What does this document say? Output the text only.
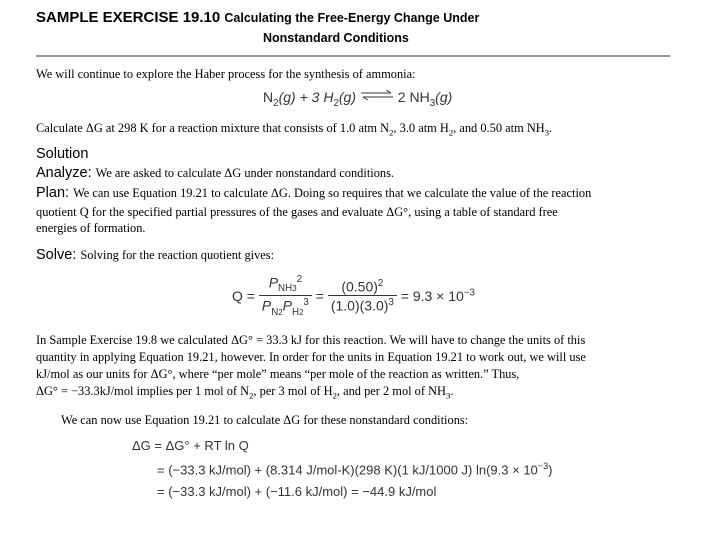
SAMPLE EXERCISE 19.10 Calculating the Free-Energy Change Under
Nonstandard Conditions
We will continue to explore the Haber process for the synthesis of ammonia:
$N_2(g) + 3$ $H_2(g)$ ⇌ 2 $NH_3(g)$
Calculate ΔG at 298 K for a reaction mixture that consists of 1.0 atm $N_2$, 3.0 atm $H_2$, and 0.50 atm $NH_3$.
Solution
Analyze: We are asked to calculate ΔG under nonstandard conditions.
Plan: We can use Equation 19.21 to calculate ΔG. Doing so requires that we calculate the value of the reaction
quotient Q for the specified partial pressures of the gases and evaluate ΔG°, using a table of standard free
energies of formation.
Solve: Solving for the reaction quotient gives:
$Q = \frac{P_{NH3}^2}{P_{N2}P_{H2}^3} = \frac{(0.50)^2}{(1.0)(3.0)^3} = 9.3 \times 10^{-3}$
In Sample Exercise 19.8 we calculated ΔG° = 33.3 kJ for this reaction. We will have to change the units of this
quantity in applying Equation 19.21, however. In order for the units in Equation 19.21 to work out, we will use
kJ/mol as our units for ΔG°, where “per mole” means “per mole of the reaction as written.” Thus,
ΔG° = −33.3kJ/mol implies per 1 mol of $N_2$, per 3 mol of $H_2$, and per 2 mol of $NH_3$.
We can now use Equation 19.21 to calculate ΔG for these nonstandard conditions:
ΔG = ΔG° + RT ln Q
= (−33.3 kJ/mol) + (8.314 J/mol-K)(298 K)(1 kJ/1000 J) $\ln(9.3 \times 10^{-3})$
= (−33.3 kJ/mol) + (−11.6 kJ/mol) = −44.9 kJ/mol
